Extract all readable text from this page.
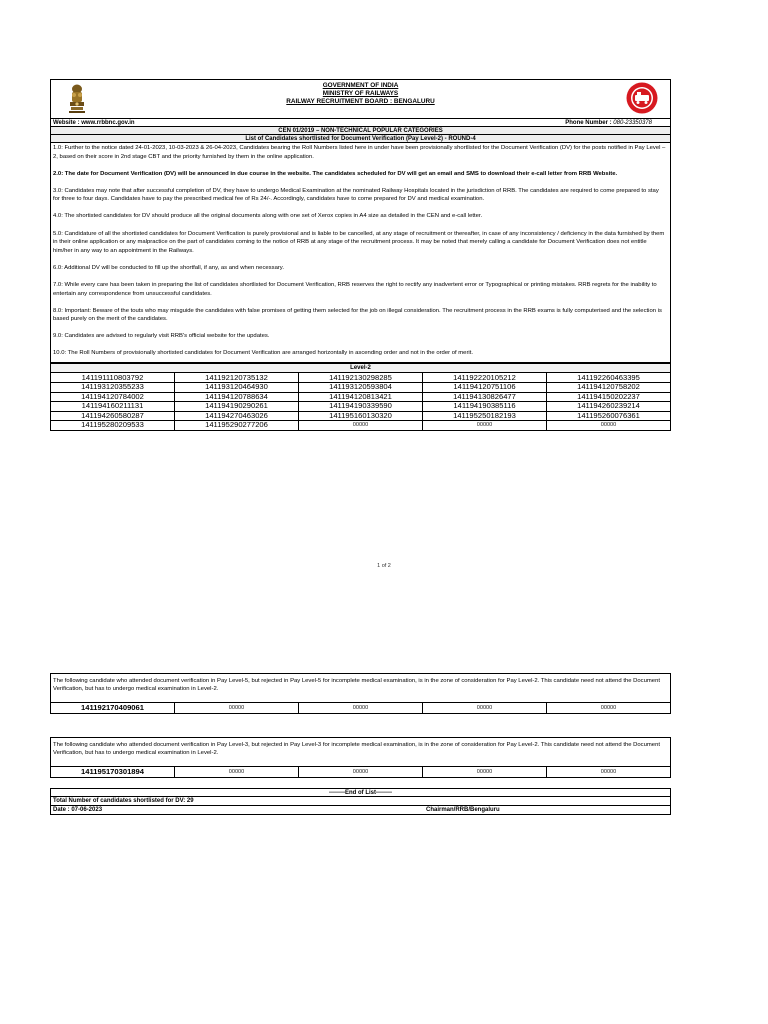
GOVERNMENT OF INDIA
MINISTRY OF RAILWAYS
RAILWAY RECRUITMENT BOARD : BENGALURU
Website : www.rrbbnc.gov.in	Phone Number : 080-23350378
CEN 01/2019 – NON-TECHNICAL POPULAR CATEGORIES
List of Candidates shortlisted for Document Verification (Pay Level-2) - ROUND-4

1.0: Further to the notice dated 24-01-2023, 10-03-2023 & 26-04-2023, Candidates bearing the Roll Numbers listed here in under have been provisionally shortlisted for the Document Verification (DV) for the posts notified in Pay Level –2, based on their score in 2nd stage CBT and the priority furnished by them in the online application.

2.0: The date for Document Verification (DV) will be announced in due course in the website. The candidates scheduled for DV will get an email and SMS to download their e-call letter from RRB Website.

3.0: Candidates may note that after successful completion of DV, they have to undergo Medical Examination at the nominated Railway Hospitals located in the jurisdiction of RRB. The candidates are required to come prepared to stay for three to four days. Candidates have to pay the prescribed medical fee of Rs 24/-. Accordingly, candidates have to come prepared for DV and medical examination.

4.0: The shortisted candidates for DV should produce all the original documents along with one set of Xerox copies in A4 size as detailed in the CEN and e-call letter.

5.0: Candidature of all the shortisted candidates for Document Verification is purely provisional and is liable to be cancelled, at any stage of recruitment or thereafter, in case of any inconsistency / deficiency in the data furnished by them in their online application or any malpractice on the part of candidates coming to the notice of RRB at any stage of the recruitment process. It may be noted that merely calling a candidate for Document Verification does not entitle him/her in any way to an appointment in the Railways.

6.0: Additional DV will be conducted to fill up the shortfall, if any, as and when necessary.

7.0: While every care has been taken in preparing the list of candidates shortlisted for Document Verification, RRB reserves the right to rectify any inadvertent error or Typographical or printing mistakes. RRB regrets for the inability to entertain any correspondence from unsuccessful candidates.

8.0: Important: Beware of the touts who may misguide the candidates with false promises of getting them selected for the job on illegal consideration. The recruitment process in the RRB exams is fully computerised and the selection is based purely on the merit of the candidates.

9.0: Candidates are advised to regularly visit RRB's official website for the updates.

10.0: The Roll Numbers of provisionally shortisted candidates for Document Verification are arranged horizontally in ascending order and not in the order of merit.

Level-2				
141191110803792	141192120735132	141192130298285	141192220105212	141192260463395
141193120355233	141193120464930	141193120593804	141194120751106	141194120758202
141194120784002	141194120788634	141194120813421	141194130826477	141194150202237
141194160211131	141194190290261	141194190339590	141194190385116	141194260239214
141194260580287	141194270463026	141195160130320	141195250182193	141195260076361
141195280209533	141195290277206	00000	00000	00000
1 of 2
The following candidate who attended document verification in Pay Level-5, but rejected in Pay Level-5 for incomplete medical examination, is in the zone of consideration for Pay Level-2. This candidate need not attend the Document Verification, but has to undergo medical examination in Level-2.
141192170409061	00000	00000	00000	00000
The following candidate who attended document verification in Pay Level-3, but rejected in Pay Level-3 for incomplete medical examination, is in the zone of consideration for Pay Level-2. This candidate need not attend the Document Verification, but has to undergo medical examination in Level-2.
141195170301894	00000	00000	00000	00000
--------End of List--------
Total Number of candidates shortlisted for DV: 29
Date : 07-06-2023	Chairman/RRB/Bengaluru
